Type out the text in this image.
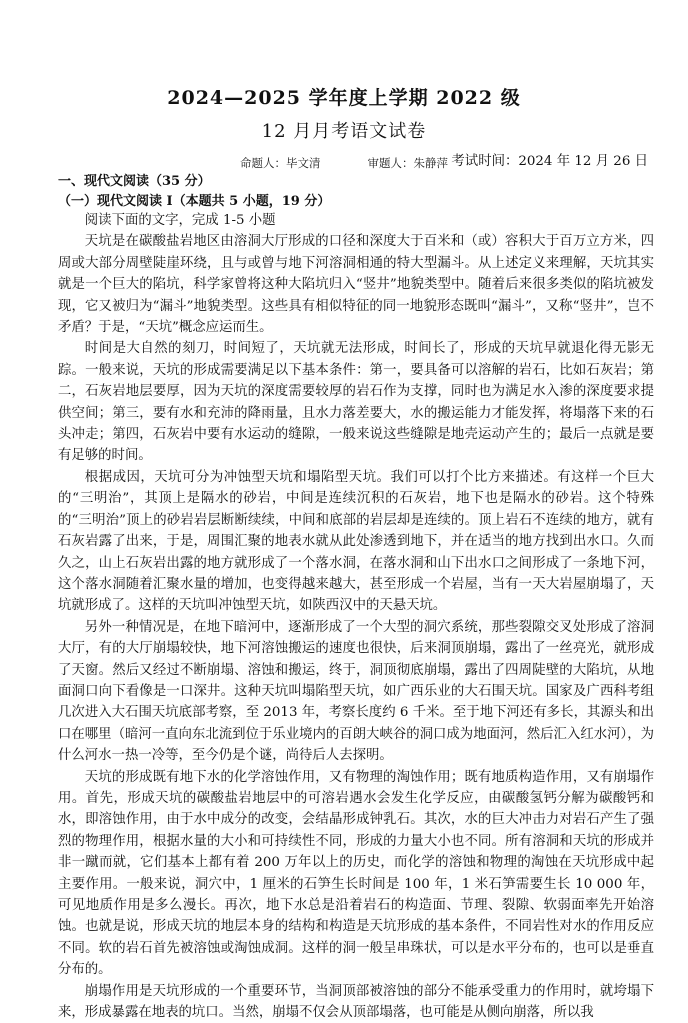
2024—2025 学年度上学期 2022 级
12 月月考语文试卷
命题人：毕文清	审题人：朱静萍 考试时间：2024 年 12 月 26 日
一、现代文阅读（35 分）
（一）现代文阅读 I（本题共 5 小题，19 分）

阅读下面的文字，完成 1-5 小题

天坑是在碳酸盐岩地区由溶洞大厅形成的口径和深度大于百米和（或）容积大于百万立方米，四周或大部分周壁陡崖环绕，且与或曾与地下河溶洞相通的特大型漏斗。从上述定义来理解，天坑其实就是一个巨大的陷坑，科学家曾将这种大陷坑归入“竖井”地貌类型中。随着后来很多类似的陷坑被发现，它又被归为“漏斗”地貌类型。这些具有相似特征的同一地貌形态既叫“漏斗”，又称“竖井”，岂不矛盾？于是，“天坑”概念应运而生。

时间是大自然的刻刀，时间短了，天坑就无法形成，时间长了，形成的天坑早就退化得无影无踪。一般来说，天坑的形成需要满足以下基本条件：第一，要具备可以溶解的岩石，比如石灰岩；第二，石灰岩地层要厚，因为天坑的深度需要较厚的岩石作为支撑，同时也为满足水入渗的深度要求提供空间；第三，要有水和充沛的降雨量，且水力落差要大，水的搬运能力才能发挥，将塌落下来的石头冲走；第四，石灰岩中要有水运动的缝隙，一般来说这些缝隙是地壳运动产生的；最后一点就是要有足够的时间。

根据成因，天坑可分为冲蚀型天坑和塌陷型天坑。我们可以打个比方来描述。有这样一个巨大的“三明治”，其顶上是隔水的砂岩，中间是连续沉积的石灰岩，地下也是隔水的砂岩。这个特殊的“三明治”顶上的砂岩岩层断断续续，中间和底部的岩层却是连续的。顶上岩石不连续的地方，就有石灰岩露了出来，于是，周围汇聚的地表水就从此处渗透到地下，并在适当的地方找到出水口。久而久之，山上石灰岩出露的地方就形成了一个落水洞，在落水洞和山下出水口之间形成了一条地下河，这个落水洞随着汇聚水量的增加，也变得越来越大，甚至形成一个岩屋，当有一天大岩屋崩塌了，天坑就形成了。这样的天坑叫冲蚀型天坑，如陕西汉中的天悬天坑。

另外一种情况是，在地下暗河中，逐渐形成了一个大型的洞穴系统，那些裂隙交叉处形成了溶洞大厅，有的大厅崩塌较快，地下河溶蚀搬运的速度也很快，后来洞顶崩塌，露出了一丝亮光，就形成了天窗。然后又经过不断崩塌、溶蚀和搬运，终于，洞顶彻底崩塌，露出了四周陡壁的大陷坑，从地面洞口向下看像是一口深井。这种天坑叫塌陷型天坑，如广西乐业的大石围天坑。国家及广西科考组几次进入大石围天坑底部考察，至 2013 年，考察长度约 6 千米。至于地下河还有多长，其源头和出口在哪里（暗河一直向东北流到位于乐业境内的百朗大峡谷的洞口成为地面河，然后汇入红水河），为什么河水一热一冷等，至今仍是个谜，尚待后人去探明。

天坑的形成既有地下水的化学溶蚀作用，又有物理的淘蚀作用；既有地质构造作用，又有崩塌作用。首先，形成天坑的碳酸盐岩地层中的可溶岩遇水会发生化学反应，由碳酸氢钙分解为碳酸钙和水，即溶蚀作用，由于水中成分的改变，会结晶形成钟乳石。其次，水的巨大冲击力对岩石产生了强烈的物理作用，根据水量的大小和可持续性不同，形成的力量大小也不同。所有溶洞和天坑的形成并非一蹴而就，它们基本上都有着 200 万年以上的历史，而化学的溶蚀和物理的淘蚀在天坑形成中起主要作用。一般来说，洞穴中，1 厘米的石笋生长时间是 100 年，1 米石笋需要生长 10 000 年，可见地质作用是多么漫长。再次，地下水总是沿着岩石的构造面、节理、裂隙、软弱面率先开始溶蚀。也就是说，形成天坑的地层本身的结构和构造是天坑形成的基本条件，不同岩性对水的作用反应不同。软的岩石首先被溶蚀或淘蚀成洞。这样的洞一般呈串珠状，可以是水平分布的，也可以是垂直分布的。

崩塌作用是天坑形成的一个重要环节，当洞顶部被溶蚀的部分不能承受重力的作用时，就垮塌下来，形成暴露在地表的坑口。当然，崩塌不仅会从顶部塌落，也可能是从侧向崩落，所以我
